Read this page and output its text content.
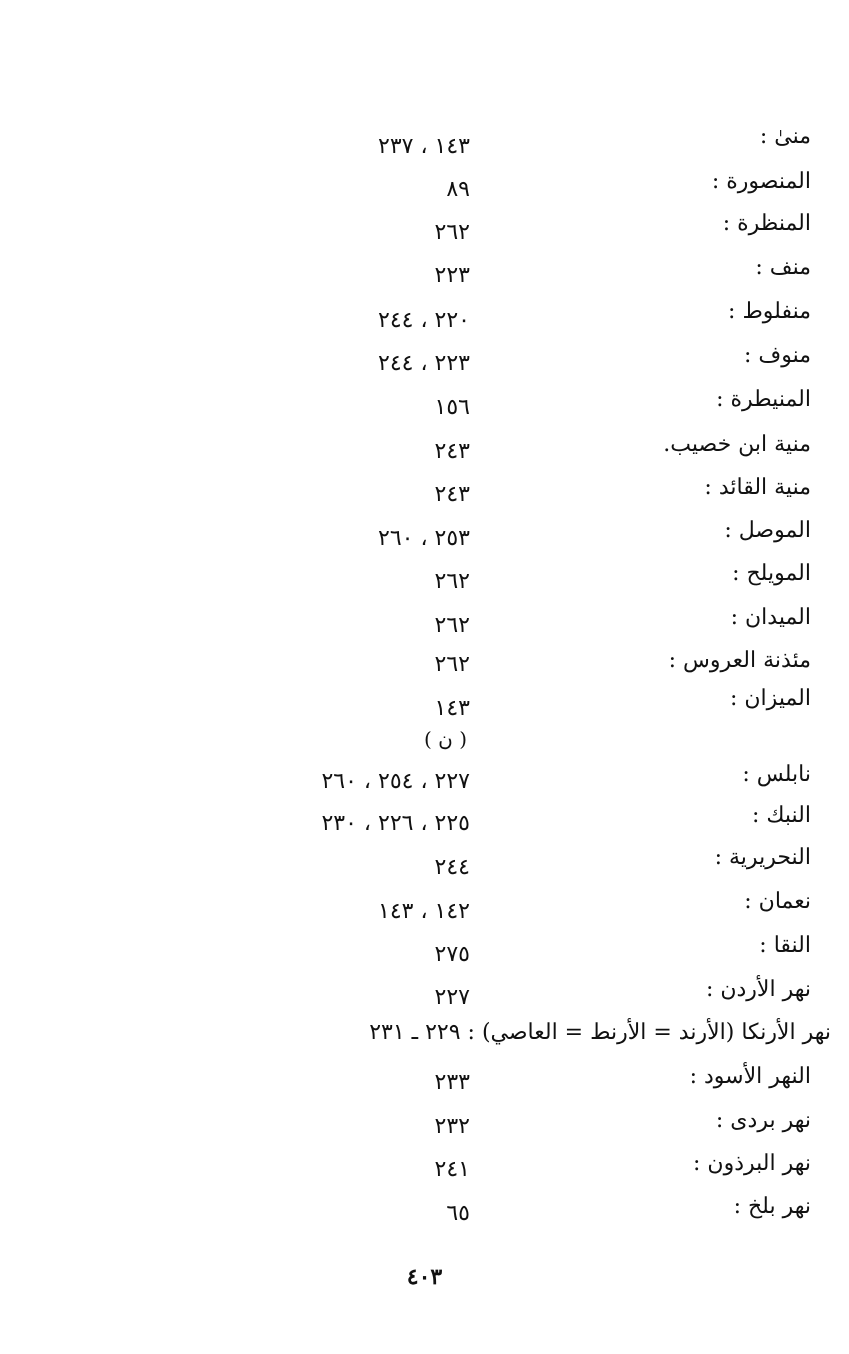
منىٰ :
١٤٣ ، ٢٣٧
المنصورة :
٨٩
المنظرة :
٢٦٢
منف :
٢٢٣
منفلوط :
٢٢٠ ، ٢٤٤
منوف :
٢٢٣ ، ٢٤٤
المنيطرة :
١٥٦
منية ابن خصيب.
٢٤٣
منية القائد :
٢٤٣
الموصل :
٢٥٣ ، ٢٦٠
المويلح :
٢٦٢
الميدان :
٢٦٢
مئذنة العروس :
٢٦٢
الميزان :
١٤٣
( ن )
نابلس :
٢٢٧ ، ٢٥٤ ، ٢٦٠
النبك :
٢٢٥ ، ٢٢٦ ، ٢٣٠
النحريرية :
٢٤٤
نعمان :
١٤٢ ، ١٤٣
النقا :
٢٧٥
نهر الأردن :
٢٢٧
نهر الأرنكا (الأرند = الأرنط = العاصي) : ٢٢٩ ـ ٢٣١
النهر الأسود :
٢٣٣
نهر بردى :
٢٣٢
نهر البرذون :
٢٤١
نهر بلخ :
٦٥
٤٠٣
